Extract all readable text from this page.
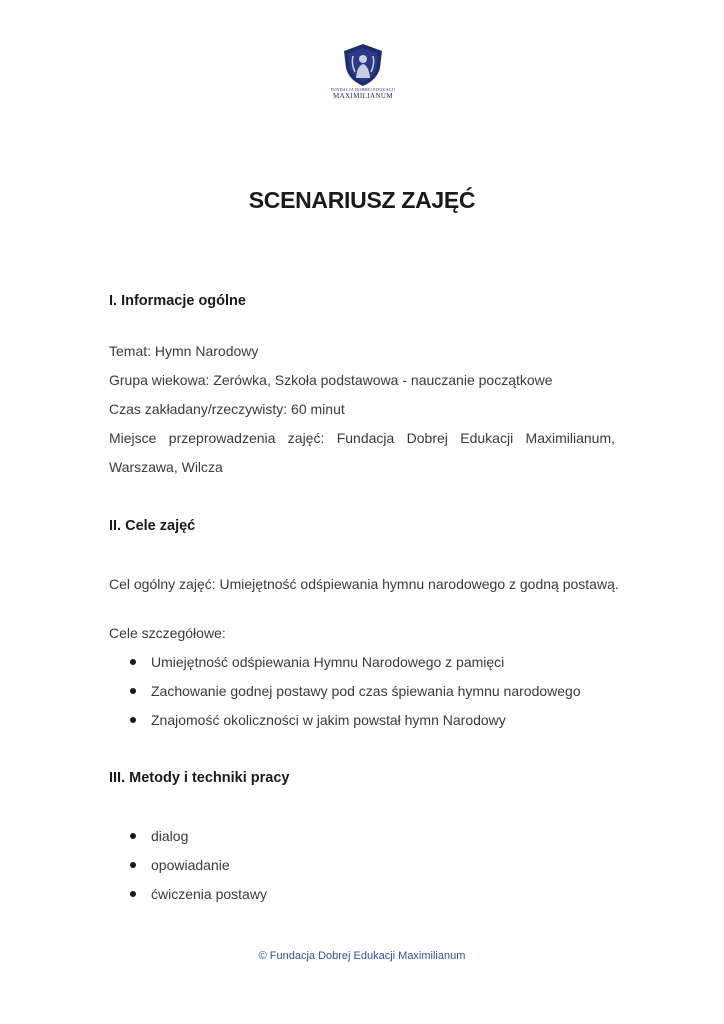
FUNDACJA DOBREJ EDUKACJI
MAXIMILIANUM
SCENARIUSZ ZAJĘĆ
I. Informacje ogólne
Temat: Hymn Narodowy
Grupa wiekowa: Zerówka, Szkoła podstawowa - nauczanie początkowe
Czas zakładany/rzeczywisty: 60 minut
Miejsce przeprowadzenia zajęć: Fundacja Dobrej Edukacji Maximilianum,
Warszawa, Wilcza
II. Cele zajęć
Cel ogólny zajęć: Umiejętność odśpiewania hymnu narodowego z godną postawą.
Cele szczegółowe:
Umiejętność odśpiewania Hymnu Narodowego z pamięci
Zachowanie godnej postawy pod czas śpiewania hymnu narodowego
Znajomość okoliczności w jakim powstał hymn Narodowy
III. Metody i techniki pracy
dialog
opowiadanie
ćwiczenia postawy
© Fundacja Dobrej Edukacji Maximilianum
